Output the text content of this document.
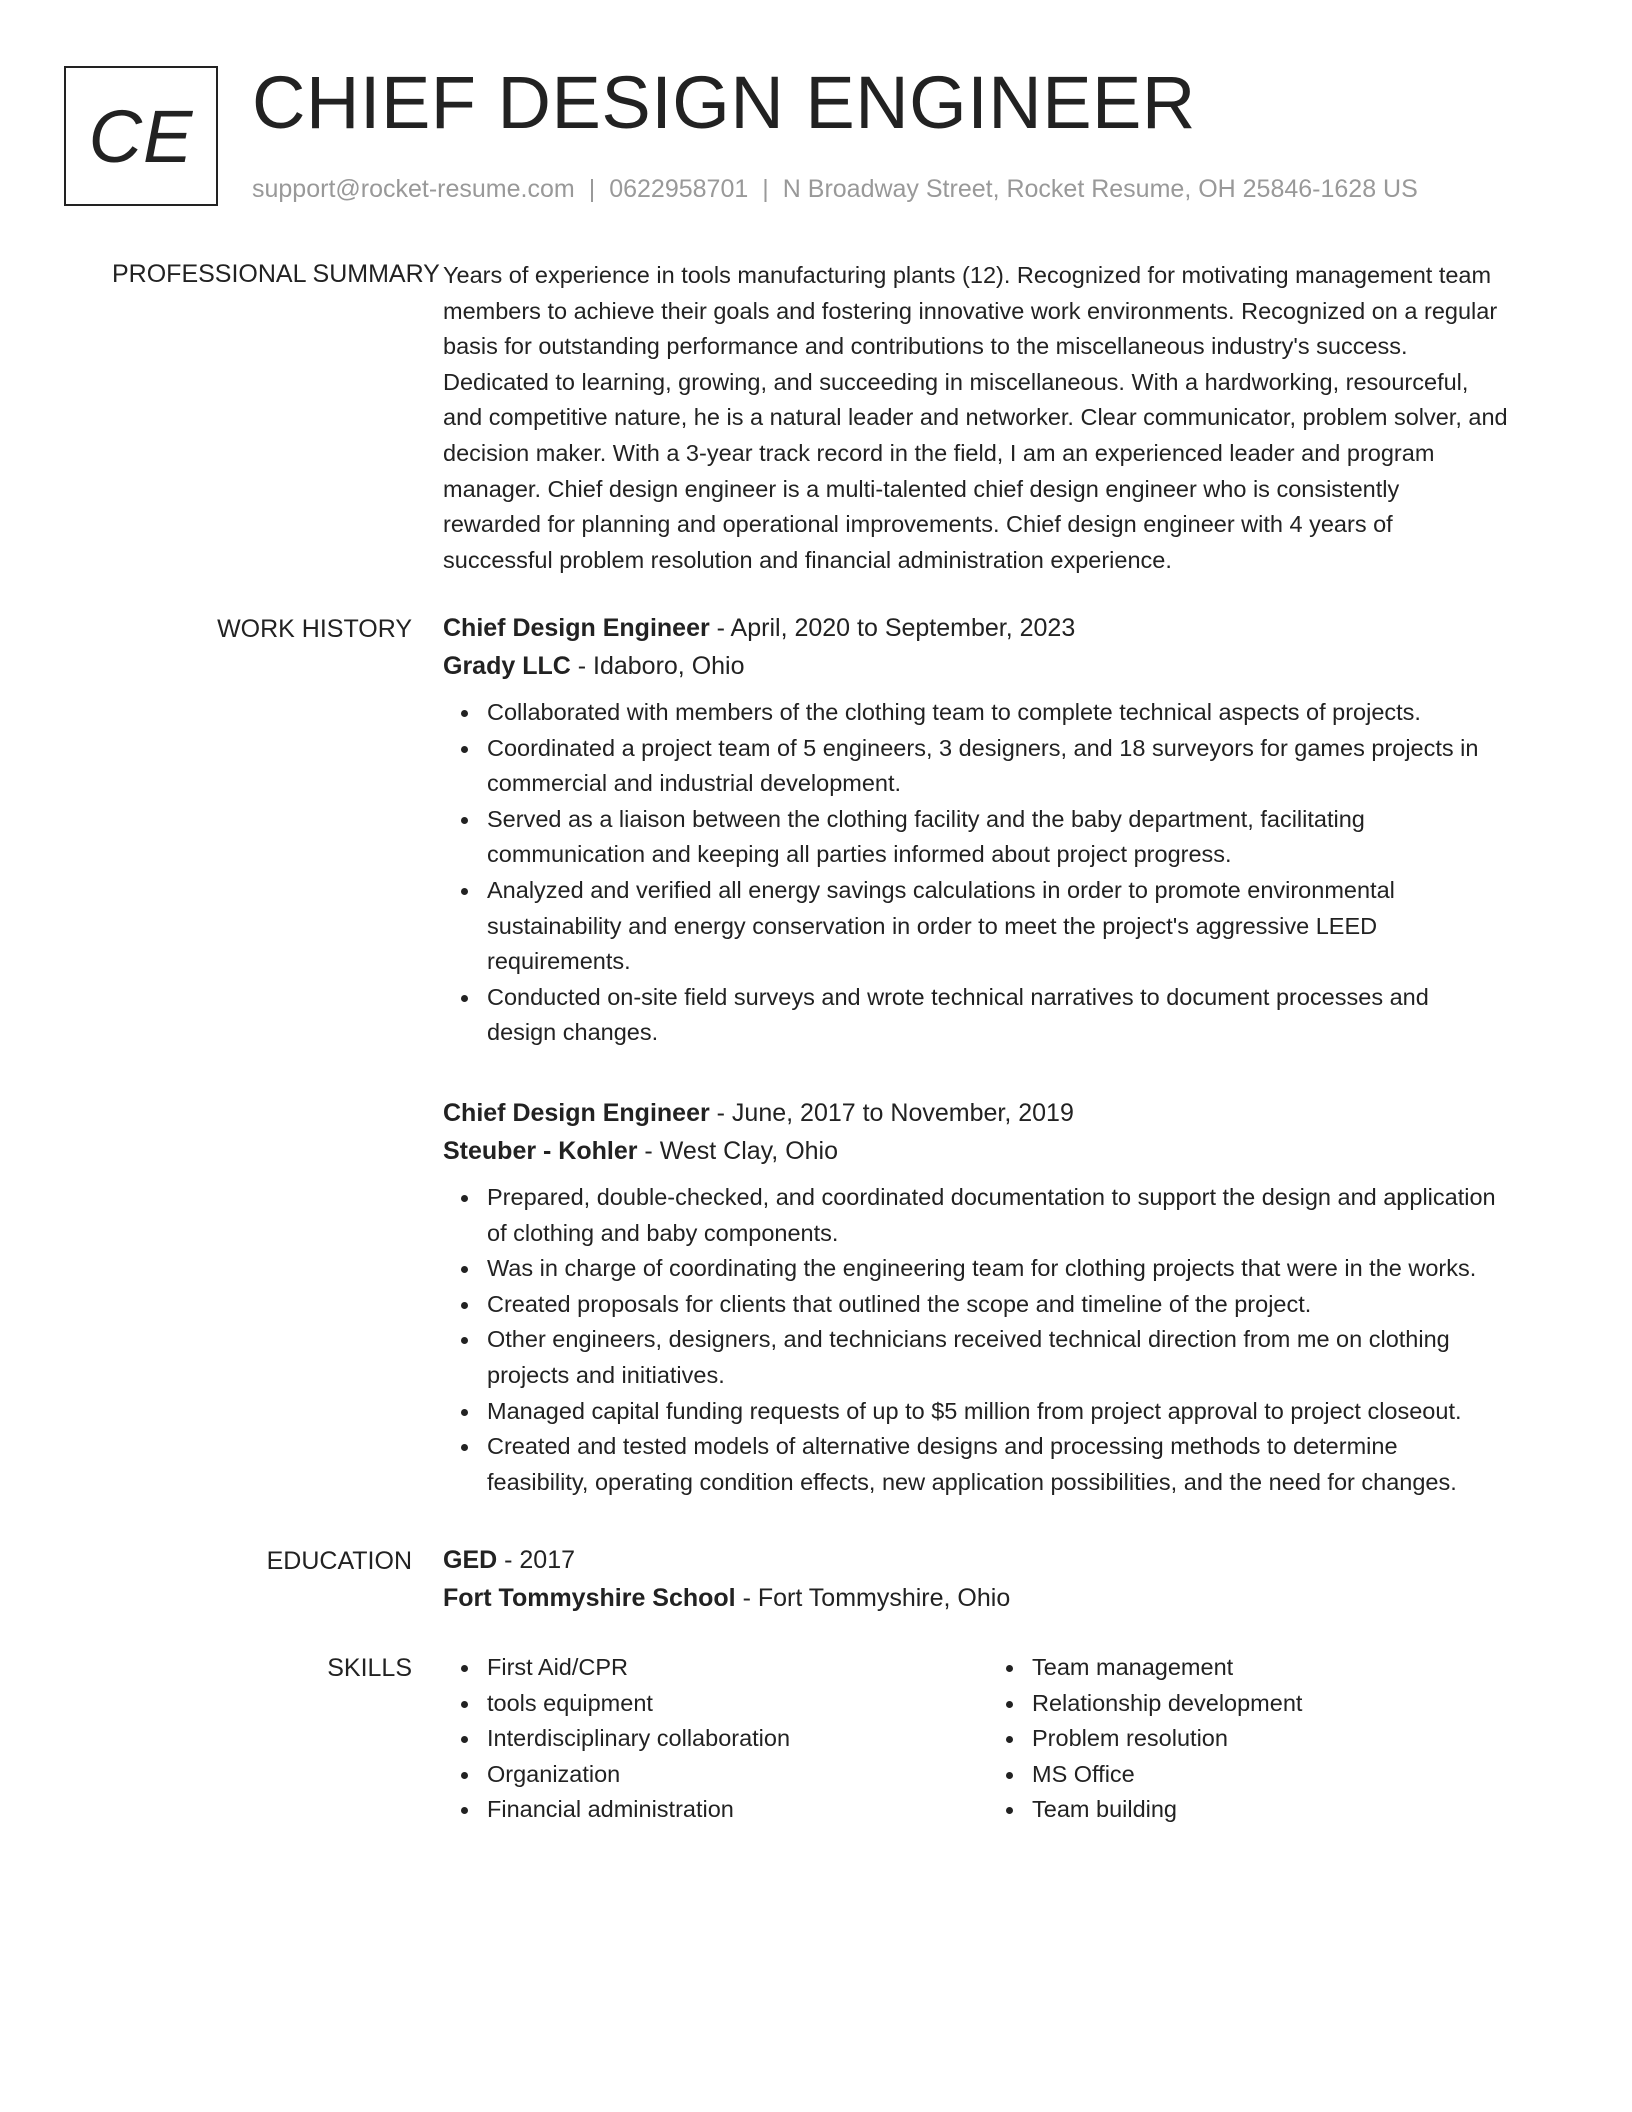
CE CHIEF DESIGN ENGINEER
support@rocket-resume.com | 0622958701 | N Broadway Street, Rocket Resume, OH 25846-1628 US
PROFESSIONAL SUMMARY Years of experience in tools manufacturing plants (12). Recognized for motivating management team

members to achieve their goals and fostering innovative work environments. Recognized on a regular

basis for outstanding performance and contributions to the miscellaneous industry's success.

Dedicated to learning, growing, and succeeding in miscellaneous. With a hardworking, resourceful,

and competitive nature, he is a natural leader and networker. Clear communicator, problem solver, and

decision maker. With a 3-year track record in the field, I am an experienced leader and program

manager. Chief design engineer is a multi-talented chief design engineer who is consistently

rewarded for planning and operational improvements. Chief design engineer with 4 years of

successful problem resolution and financial administration experience.

WORK HISTORY Chief Design Engineer - April, 2020 to September, 2023
Grady LLC - Idaboro, Ohio
Collaborated with members of the clothing team to complete technical aspects of projects.
Coordinated a project team of 5 engineers, 3 designers, and 18 surveyors for games projects in
commercial and industrial development.
Served as a liaison between the clothing facility and the baby department, facilitating
communication and keeping all parties informed about project progress.
Analyzed and verified all energy savings calculations in order to promote environmental
sustainability and energy conservation in order to meet the project's aggressive LEED
requirements.
Conducted on-site field surveys and wrote technical narratives to document processes and
design changes.
Chief Design Engineer - June, 2017 to November, 2019
Steuber - Kohler - West Clay, Ohio
Prepared, double-checked, and coordinated documentation to support the design and application
of clothing and baby components.
Was in charge of coordinating the engineering team for clothing projects that were in the works.
Created proposals for clients that outlined the scope and timeline of the project.
Other engineers, designers, and technicians received technical direction from me on clothing
projects and initiatives.
Managed capital funding requests of up to $5 million from project approval to project closeout.
Created and tested models of alternative designs and processing methods to determine
feasibility, operating condition effects, new application possibilities, and the need for changes.
EDUCATION GED - 2017
Fort Tommyshire School - Fort Tommyshire, Ohio
SKILLS	First Aid/CPR
tools equipment
Interdisciplinary collaboration
Organization
Financial administration
Team management
Relationship development
Problem resolution
MS Office
Team building
